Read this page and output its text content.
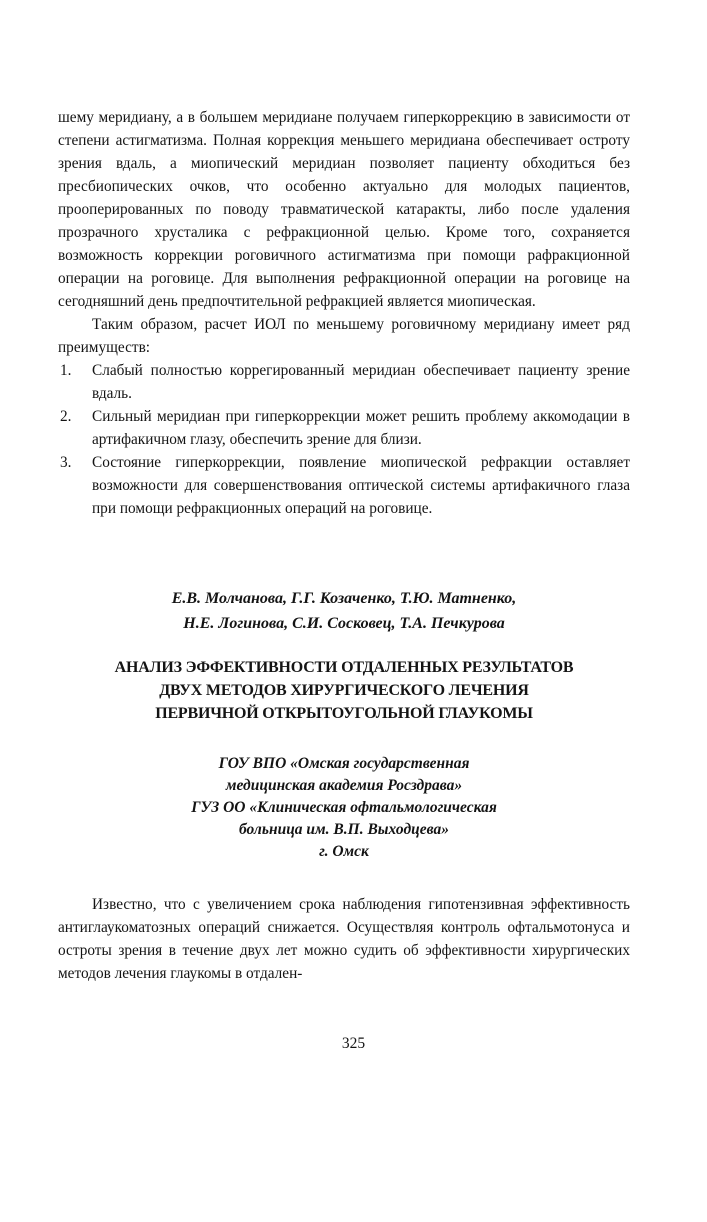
шему меридиану, а в большем меридиане получаем гиперкоррекцию в зависимости от степени астигматизма. Полная коррекция меньшего меридиана обеспечивает остроту зрения вдаль, а миопический меридиан позволяет пациенту обходиться без пресбиопических очков, что особенно актуально для молодых пациентов, прооперированных по поводу травматической катаракты, либо после удаления прозрачного хрусталика с рефракционной целью. Кроме того, сохраняется возможность коррекции роговичного астигматизма при помощи рафракционной операции на роговице. Для выполнения рефракционной операции на роговице на сегодняшний день предпочтительной рефракцией является миопическая.

Таким образом, расчет ИОЛ по меньшему роговичному меридиану имеет ряд преимуществ:

1.	Слабый полностью коррегированный меридиан обеспечивает пациенту зрение вдаль.
2.	Сильный меридиан при гиперкоррекции может решить проблему аккомодации в артифакичном глазу, обеспечить зрение для близи.
3.	Состояние гиперкоррекции, появление миопической рефракции оставляет возможности для совершенствования оптической системы артифакичного глаза при помощи рефракционных операций на роговице.
Е.В. Молчанова, Г.Г. Козаченко, Т.Ю. Матненко,
Н.Е. Логинова, С.И. Сосковец, Т.А. Печкурова
АНАЛИЗ ЭФФЕКТИВНОСТИ ОТДАЛЕННЫХ РЕЗУЛЬТАТОВ
ДВУХ МЕТОДОВ ХИРУРГИЧЕСКОГО ЛЕЧЕНИЯ
ПЕРВИЧНОЙ ОТКРЫТОУГОЛЬНОЙ ГЛАУКОМЫ
ГОУ ВПО «Омская государственная
медицинская академия Росздрава»
ГУЗ ОО «Клиническая офтальмологическая
больница им. В.П. Выходцева»
г. Омск

Известно, что с увеличением срока наблюдения гипотензивная эффективность антиглаукоматозных операций снижается. Осуществляя контроль офтальмотонуса и остроты зрения в течение двух лет можно судить об эффективности хирургических методов лечения глаукомы в отдален-

325
